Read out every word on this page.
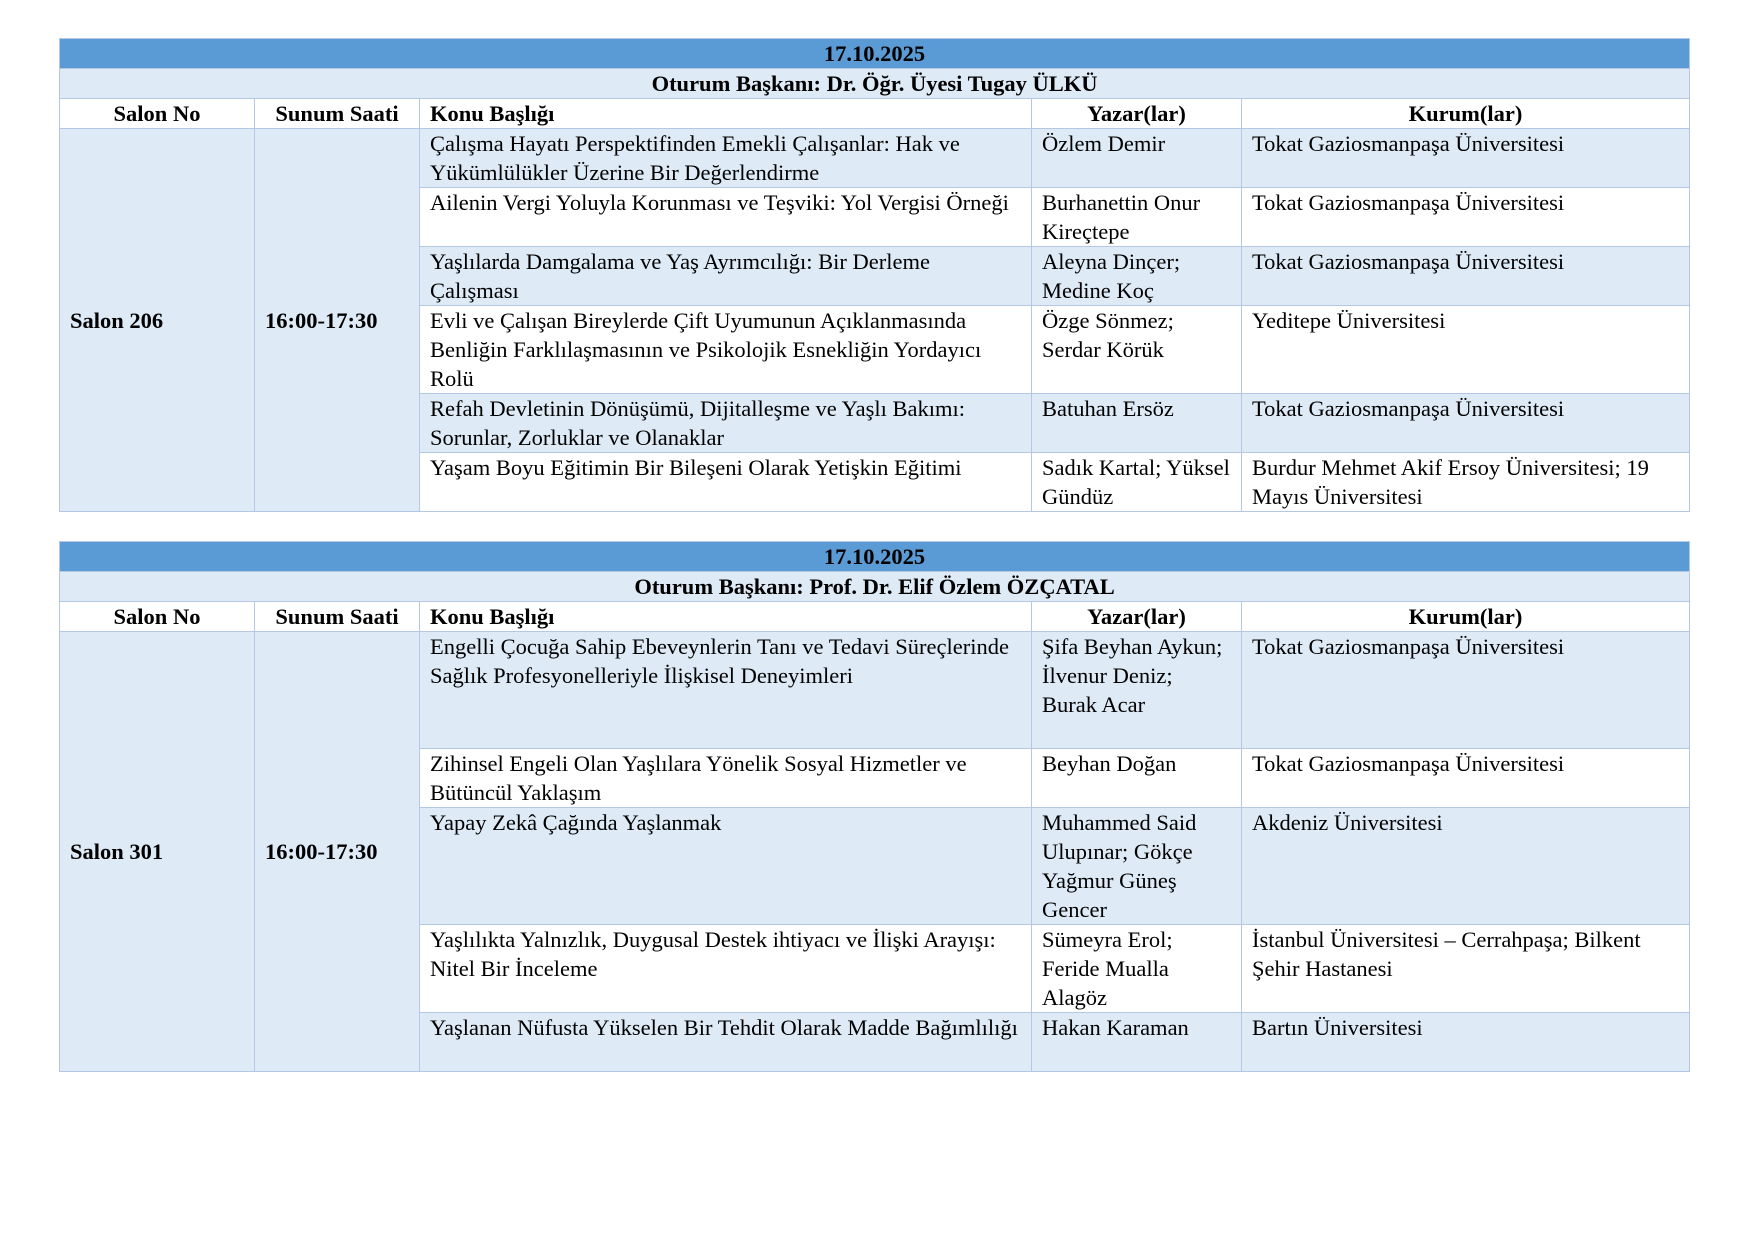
17.10.2025				
Oturum Başkanı: Dr. Öğr. Üyesi Tugay ÜLKÜ				
Salon No	Sunum Saati	Konu Başlığı	Yazar(lar)	Kurum(lar)
Salon 206	16:00-17:30	Çalışma Hayatı Perspektifinden Emekli Çalışanlar: Hak ve Yükümlülükler Üzerine Bir Değerlendirme	Özlem Demir	Tokat Gaziosmanpaşa Üniversitesi
		Ailenin Vergi Yoluyla Korunması ve Teşviki: Yol Vergisi Örneği	Burhanettin Onur Kireçtepe	Tokat Gaziosmanpaşa Üniversitesi
		Yaşlılarda Damgalama ve Yaş Ayrımcılığı: Bir Derleme Çalışması	Aleyna Dinçer; Medine Koç	Tokat Gaziosmanpaşa Üniversitesi
		Evli ve Çalışan Bireylerde Çift Uyumunun Açıklanmasında Benliğin Farklılaşmasının ve Psikolojik Esnekliğin Yordayıcı Rolü	Özge Sönmez; Serdar Körük	Yeditepe Üniversitesi
		Refah Devletinin Dönüşümü, Dijitalleşme ve Yaşlı Bakımı: Sorunlar, Zorluklar ve Olanaklar	Batuhan Ersöz	Tokat Gaziosmanpaşa Üniversitesi
		Yaşam Boyu Eğitimin Bir Bileşeni Olarak Yetişkin Eğitimi	Sadık Kartal; Yüksel Gündüz	Burdur Mehmet Akif Ersoy Üniversitesi; 19 Mayıs Üniversitesi
17.10.2025				
Oturum Başkanı: Prof. Dr. Elif Özlem ÖZÇATAL				
Salon No	Sunum Saati	Konu Başlığı	Yazar(lar)	Kurum(lar)
Salon 301	16:00-17:30	Engelli Çocuğa Sahip Ebeveynlerin Tanı ve Tedavi Süreçlerinde Sağlık Profesyonelleriyle İlişkisel Deneyimleri	Şifa Beyhan Aykun; İlvenur Deniz; Burak Acar	Tokat Gaziosmanpaşa Üniversitesi
		Zihinsel Engeli Olan Yaşlılara Yönelik Sosyal Hizmetler ve Bütüncül Yaklaşım	Beyhan Doğan	Tokat Gaziosmanpaşa Üniversitesi
		Yapay Zekâ Çağında Yaşlanmak	Muhammed Said Ulupınar; Gökçe Yağmur Güneş Gencer	Akdeniz Üniversitesi
		Yaşlılıkta Yalnızlık, Duygusal Destek ihtiyacı ve İlişki Arayışı: Nitel Bir İnceleme	Sümeyra Erol; Feride Mualla Alagöz	İstanbul Üniversitesi – Cerrahpaşa; Bilkent Şehir Hastanesi
		Yaşlanan Nüfusta Yükselen Bir Tehdit Olarak Madde Bağımlılığı	Hakan Karaman	Bartın Üniversitesi
